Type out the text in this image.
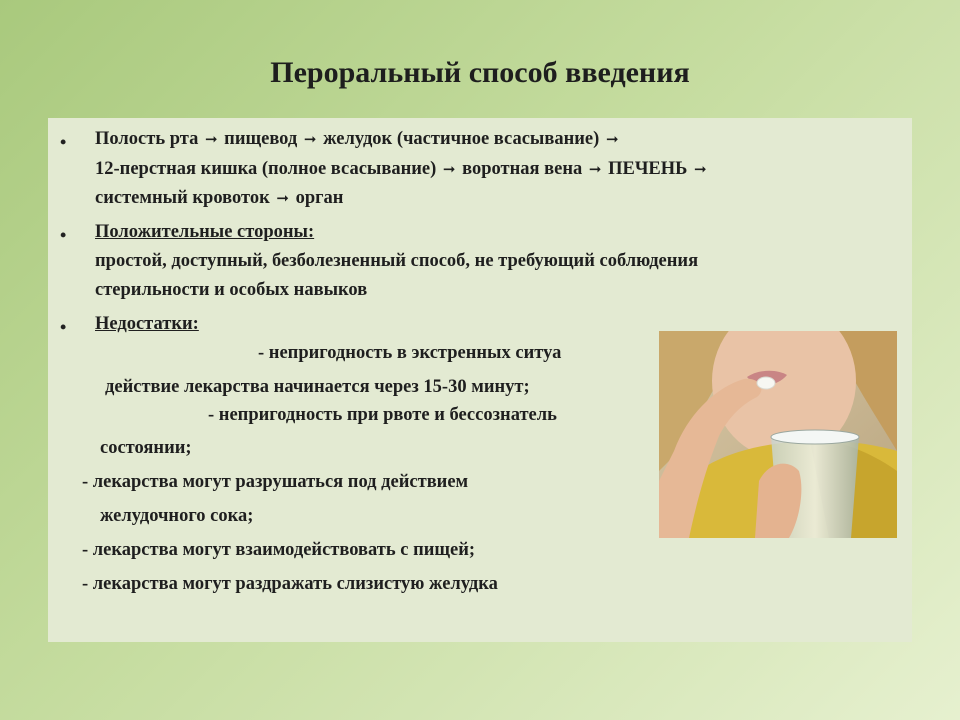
Пероральный способ введения
• Полость рта ➞ пищевод ➞ желудок (частичное всасывание) ➞
12-перстная кишка (полное всасывание) ➞ воротная вена ➞ ПЕЧЕНЬ ➞
системный кровоток ➞ орган
• Положительные стороны:
простой, доступный, безболезненный способ, не требующий соблюдения
стерильности и особых навыков
• Недостатки:
- непригодность в экстренных ситуа
действие лекарства начинается через 15-30 минут;
- непригодность при рвоте и бессознатель
состоянии;
- лекарства могут разрушаться под действием
желудочного сока;
- лекарства могут взаимодействовать с пищей;
- лекарства могут раздражать слизистую желудка
